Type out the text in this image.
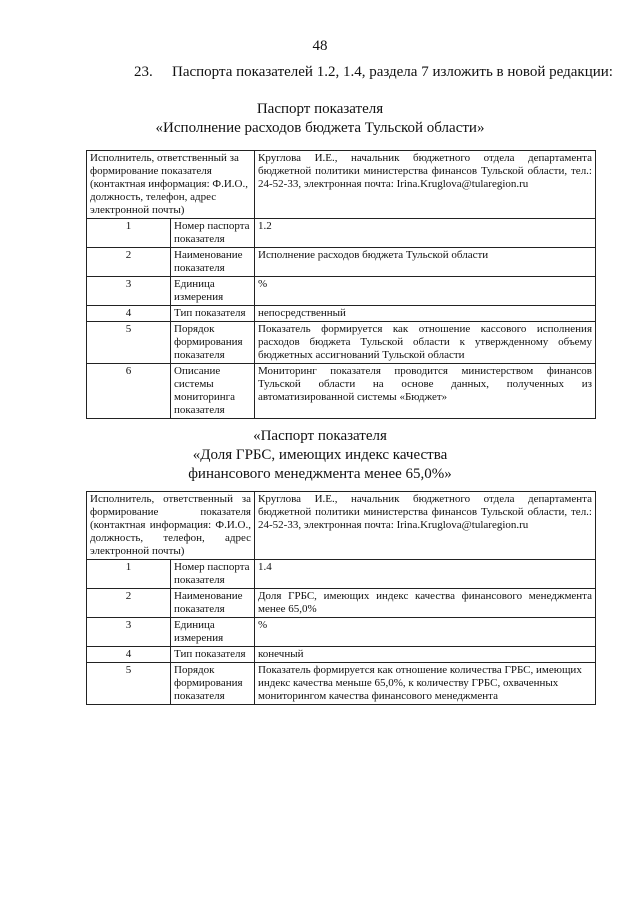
48
23. Паспорта показателей 1.2, 1.4, раздела 7 изложить в новой редакции:
Паспорт показателя
«Исполнение расходов бюджета Тульской области»
Исполнитель, ответственный за формирование показателя (контактная информация: Ф.И.О., должность, телефон, адрес электронной почты)		Круглова И.Е., начальник бюджетного отдела департамента бюджетной политики министерства финансов Тульской области, тел.: 24-52-33, электронная почта: Irina.Kruglova@tularegion.ru
1	Номер паспорта показателя	1.2
2	Наименование показателя	Исполнение расходов бюджета Тульской области
3	Единица измерения	%
4	Тип показателя	непосредственный
5	Порядок формирования показателя	Показатель формируется как отношение кассового исполнения расходов бюджета Тульской области к утвержденному объему бюджетных ассигнований Тульской области
6	Описание системы мониторинга показателя	Мониторинг показателя проводится министерством финансов Тульской области на основе данных, полученных из автоматизированной системы «Бюджет»
«Паспорт показателя
«Доля ГРБС, имеющих индекс качества
финансового менеджмента менее 65,0%»
Исполнитель, ответственный за формирование показателя (контактная информация: Ф.И.О., должность, телефон, адрес электронной почты)		Круглова И.Е., начальник бюджетного отдела департамента бюджетной политики министерства финансов Тульской области, тел.: 24-52-33, электронная почта: Irina.Kruglova@tularegion.ru
1	Номер паспорта показателя	1.4
2	Наименование показателя	Доля ГРБС, имеющих индекс качества финансового менеджмента менее 65,0%
3	Единица измерения	%
4	Тип показателя	конечный
5	Порядок формирования показателя	Показатель формируется как отношение количества ГРБС, имеющих индекс качества меньше 65,0%, к количеству ГРБС, охваченных мониторингом качества финансового менеджмента
